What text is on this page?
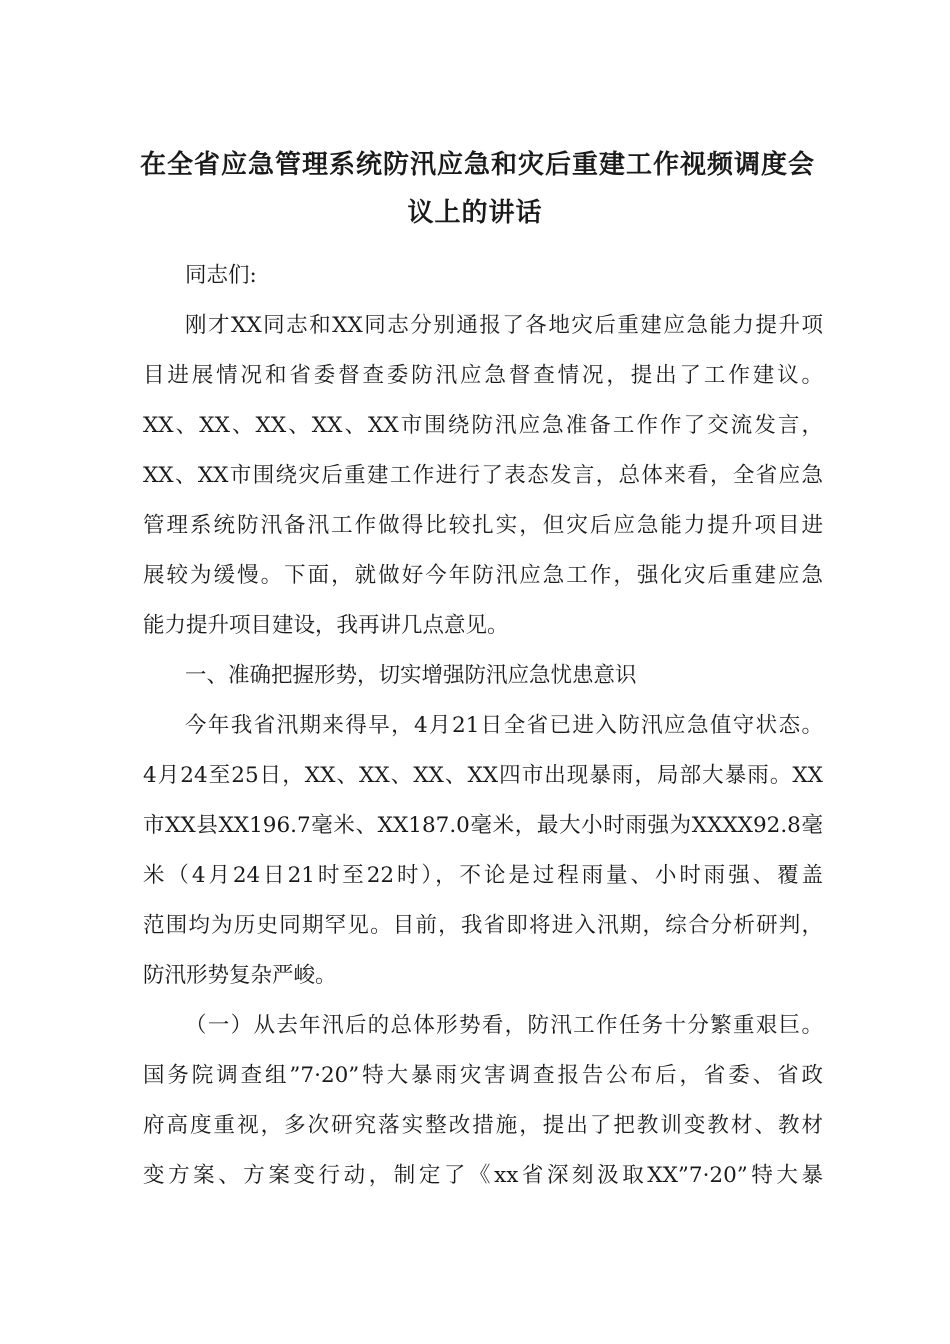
在全省应急管理系统防汛应急和灾后重建工作视频调度会
议上的讲话

同志们:

刚才XX同志和XX同志分别通报了各地灾后重建应急能力提升项

目进展情况和省委督查委防汛应急督查情况，提出了工作建议。

XX、XX、XX、XX、XX市围绕防汛应急准备工作作了交流发言，

XX、XX市围绕灾后重建工作进行了表态发言，总体来看，全省应急

管理系统防汛备汛工作做得比较扎实，但灾后应急能力提升项目进

展较为缓慢。下面，就做好今年防汛应急工作，强化灾后重建应急

能力提升项目建设，我再讲几点意见。

一、准确把握形势，切实增强防汛应急忧患意识

今年我省汛期来得早，4月21日全省已进入防汛应急值守状态。

4月24至25日，XX、XX、XX、XX四市出现暴雨，局部大暴雨。XX

市XX县XX196.7毫米、XX187.0毫米，最大小时雨强为XXXX92.8毫

米（4月24日21时至22时），不论是过程雨量、小时雨强、覆盖

范围均为历史同期罕见。目前，我省即将进入汛期，综合分析研判，

防汛形势复杂严峻。

（一）从去年汛后的总体形势看，防汛工作任务十分繁重艰巨。

国务院调查组”7·20”特大暴雨灾害调查报告公布后，省委、省政

府高度重视，多次研究落实整改措施，提出了把教训变教材、教材

变方案、方案变行动，制定了《xx省深刻汲取XX”7·20”特大暴
